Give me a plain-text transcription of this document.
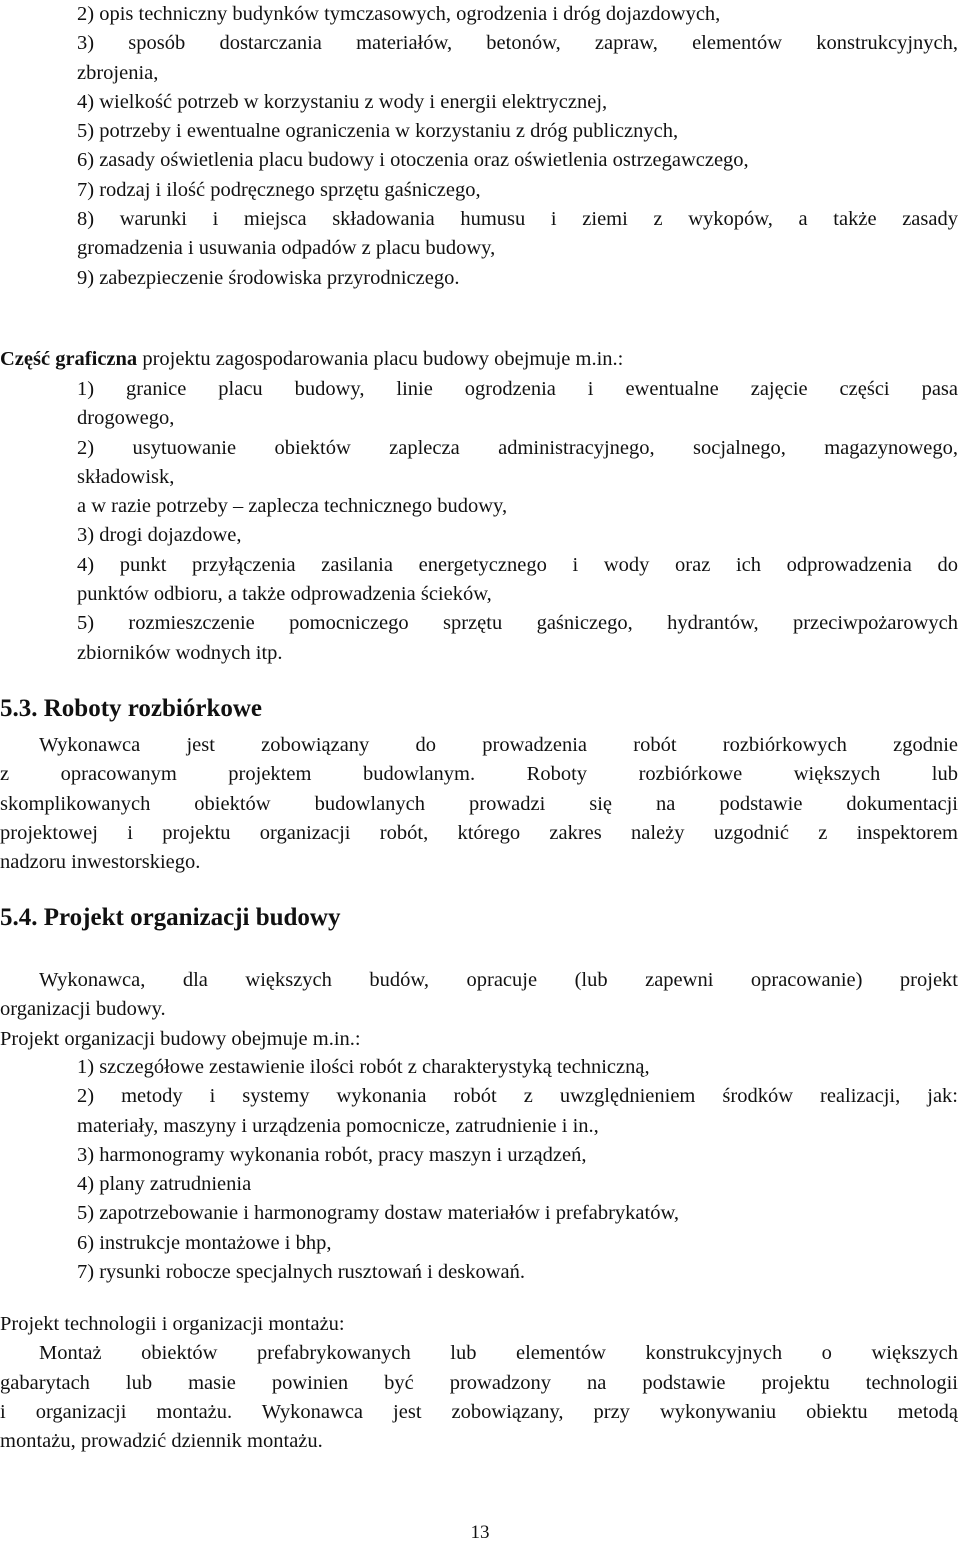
2) opis techniczny budynków tymczasowych, ogrodzenia i dróg dojazdowych,
3) sposób dostarczania materiałów, betonów, zapraw, elementów konstrukcyjnych,
zbrojenia,
4) wielkość potrzeb w korzystaniu z wody i energii elektrycznej,
5) potrzeby i ewentualne ograniczenia w korzystaniu z dróg publicznych,
6) zasady oświetlenia placu budowy i otoczenia oraz oświetlenia ostrzegawczego,
7) rodzaj i ilość podręcznego sprzętu gaśniczego,
8) warunki i miejsca składowania humusu i ziemi z wykopów, a także zasady
gromadzenia i usuwania odpadów z placu budowy,
9) zabezpieczenie środowiska przyrodniczego.
Część graficzna projektu zagospodarowania placu budowy obejmuje m.in.:
1) granice placu budowy, linie ogrodzenia i ewentualne zajęcie części pasa
drogowego,
2) usytuowanie obiektów zaplecza administracyjnego, socjalnego, magazynowego,
składowisk,
a w razie potrzeby – zaplecza technicznego budowy,
3) drogi dojazdowe,
4) punkt przyłączenia zasilania energetycznego i wody oraz ich odprowadzenia do
punktów odbioru, a także odprowadzenia ścieków,
5) rozmieszczenie pomocniczego sprzętu gaśniczego, hydrantów, przeciwpożarowych
zbiorników wodnych itp.
5.3. Roboty rozbiórkowe
Wykonawca jest zobowiązany do prowadzenia robót rozbiórkowych zgodnie
z opracowanym projektem budowlanym. Roboty rozbiórkowe większych lub
skomplikowanych obiektów budowlanych prowadzi się na podstawie dokumentacji
projektowej i projektu organizacji robót, którego zakres należy uzgodnić z inspektorem
nadzoru inwestorskiego.
5.4. Projekt organizacji budowy
Wykonawca, dla większych budów, opracuje (lub zapewni opracowanie) projekt
organizacji budowy.
Projekt organizacji budowy obejmuje m.in.:
1) szczegółowe zestawienie ilości robót z charakterystyką techniczną,
2) metody i systemy wykonania robót z uwzględnieniem środków realizacji, jak:
materiały, maszyny i urządzenia pomocnicze, zatrudnienie i in.,
3) harmonogramy wykonania robót, pracy maszyn i urządzeń,
4) plany zatrudnienia
5) zapotrzebowanie i harmonogramy dostaw materiałów i prefabrykatów,
6) instrukcje montażowe i bhp,
7) rysunki robocze specjalnych rusztowań i deskowań.
Projekt technologii i organizacji montażu:
Montaż obiektów prefabrykowanych lub elementów konstrukcyjnych o większych
gabarytach lub masie powinien być prowadzony na podstawie projektu technologii
i organizacji montażu. Wykonawca jest zobowiązany, przy wykonywaniu obiektu metodą
montażu, prowadzić dziennik montażu.
13
